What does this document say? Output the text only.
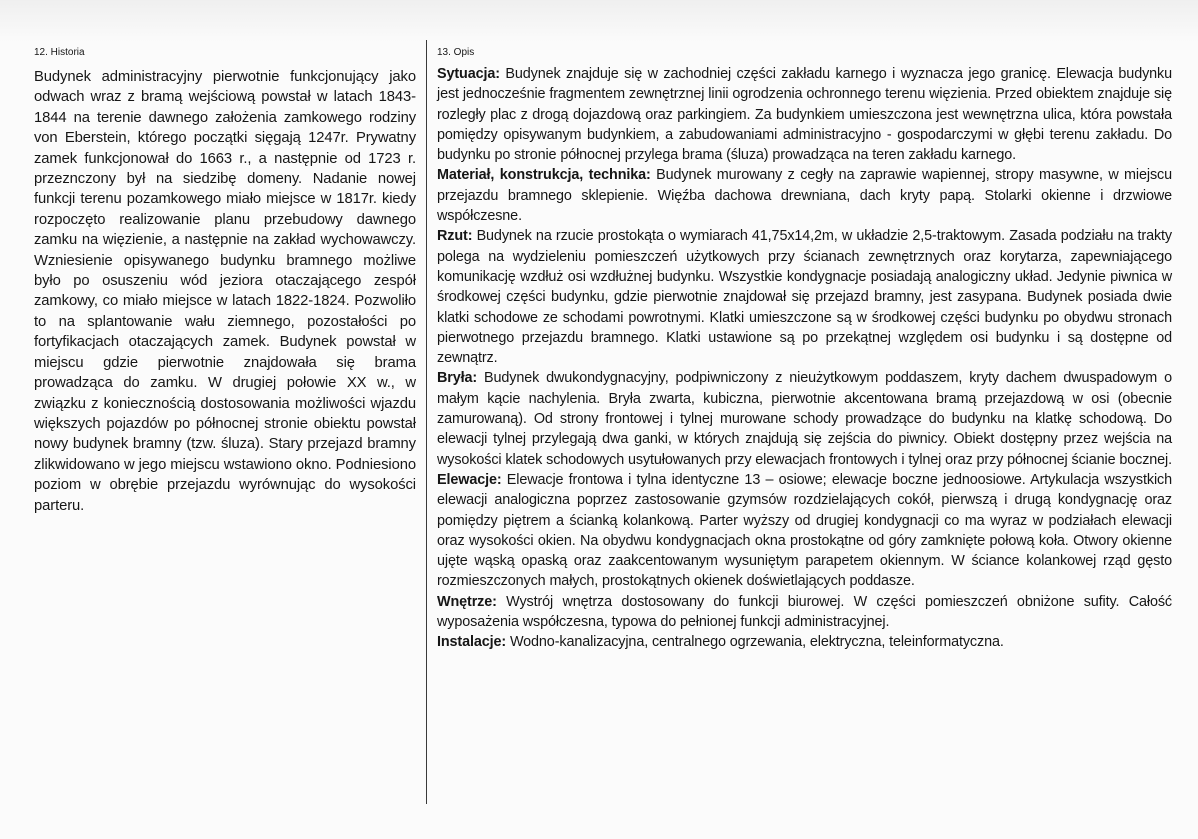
12. Historia

Budynek administracyjny pierwotnie funkcjonujący jako odwach wraz z bramą wejściową powstał w latach 1843-1844 na terenie dawnego założenia zamkowego rodziny von Eberstein, którego początki sięgają 1247r. Prywatny zamek funkcjonował do 1663 r., a następnie od 1723 r. przeznczony był na siedzibę domeny. Nadanie nowej funkcji terenu pozamkowego miało miejsce w 1817r. kiedy rozpoczęto realizowanie planu przebudowy dawnego zamku na więzienie, a następnie na zakład wychowawczy. Wzniesienie opisywanego budynku bramnego możliwe było po osuszeniu wód jeziora otaczającego zespół zamkowy, co miało miejsce w latach 1822-1824. Pozwoliło to na splantowanie wału ziemnego, pozostałości po fortyfikacjach otaczających zamek. Budynek powstał w miejscu gdzie pierwotnie znajdowała się brama prowadząca do zamku. W drugiej połowie XX w., w związku z koniecznością dostosowania możliwości wjazdu większych pojazdów po północnej stronie obiektu powstał nowy budynek bramny (tzw. śluza). Stary przejazd bramny zlikwidowano w jego miejscu wstawiono okno. Podniesiono poziom w obrębie przejazdu wyrównując do wysokości parteru.

13. Opis

Sytuacja: Budynek znajduje się w zachodniej części zakładu karnego i wyznacza jego granicę. Elewacja budynku jest jednocześnie fragmentem zewnętrznej linii ogrodzenia ochronnego terenu więzienia. Przed obiektem znajduje się rozległy plac z drogą dojazdową oraz parkingiem. Za budynkiem umieszczona jest wewnętrzna ulica, która powstała pomiędzy opisywanym budynkiem, a zabudowaniami administracyjno - gospodarczymi w głębi terenu zakładu. Do budynku po stronie północnej przylega brama (śluza) prowadząca na teren zakładu karnego.

Materiał, konstrukcja, technika: Budynek murowany z cegły na zaprawie wapiennej, stropy masywne, w miejscu przejazdu bramnego sklepienie. Więźba dachowa drewniana, dach kryty papą. Stolarki okienne i drzwiowe współczesne.

Rzut: Budynek na rzucie prostokąta o wymiarach 41,75x14,2m, w układzie 2,5-traktowym. Zasada podziału na trakty polega na wydzieleniu pomieszczeń użytkowych przy ścianach zewnętrznych oraz korytarza, zapewniającego komunikację wzdłuż osi wzdłużnej budynku. Wszystkie kondygnacje posiadają analogiczny układ. Jedynie piwnica w środkowej części budynku, gdzie pierwotnie znajdował się przejazd bramny, jest zasypana. Budynek posiada dwie klatki schodowe ze schodami powrotnymi. Klatki umieszczone są w środkowej części budynku po obydwu stronach pierwotnego przejazdu bramnego. Klatki ustawione są po przekątnej względem osi budynku i są dostępne od zewnątrz.

Bryła: Budynek dwukondygnacyjny, podpiwniczony z nieużytkowym poddaszem, kryty dachem dwuspadowym o małym kącie nachylenia. Bryła zwarta, kubiczna, pierwotnie akcentowana bramą przejazdową w osi (obecnie zamurowaną). Od strony frontowej i tylnej murowane schody prowadzące do budynku na klatkę schodową. Do elewacji tylnej przylegają dwa ganki, w których znajdują się zejścia do piwnicy. Obiekt dostępny przez wejścia na wysokości klatek schodowych usytułowanych przy elewacjach frontowych i tylnej oraz przy północnej ścianie bocznej.

Elewacje: Elewacje frontowa i tylna identyczne 13 – osiowe; elewacje boczne jednoosiowe. Artykulacja wszystkich elewacji analogiczna poprzez zastosowanie gzymsów rozdzielających cokół, pierwszą i drugą kondygnację oraz pomiędzy piętrem a ścianką kolankową. Parter wyższy od drugiej kondygnacji co ma wyraz w podziałach elewacji oraz wysokości okien. Na obydwu kondygnacjach okna prostokątne od góry zamknięte połową koła. Otwory okienne ujęte wąską opaską oraz zaakcentowanym wysuniętym parapetem okiennym. W ściance kolankowej rząd gęsto rozmieszczonych małych, prostokątnych okienek doświetlających poddasze.

Wnętrze: Wystrój wnętrza dostosowany do funkcji biurowej. W części pomieszczeń obniżone sufity. Całość wyposażenia współczesna, typowa do pełnionej funkcji administracyjnej.

Instalacje: Wodno-kanalizacyjna, centralnego ogrzewania, elektryczna, teleinformatyczna.
